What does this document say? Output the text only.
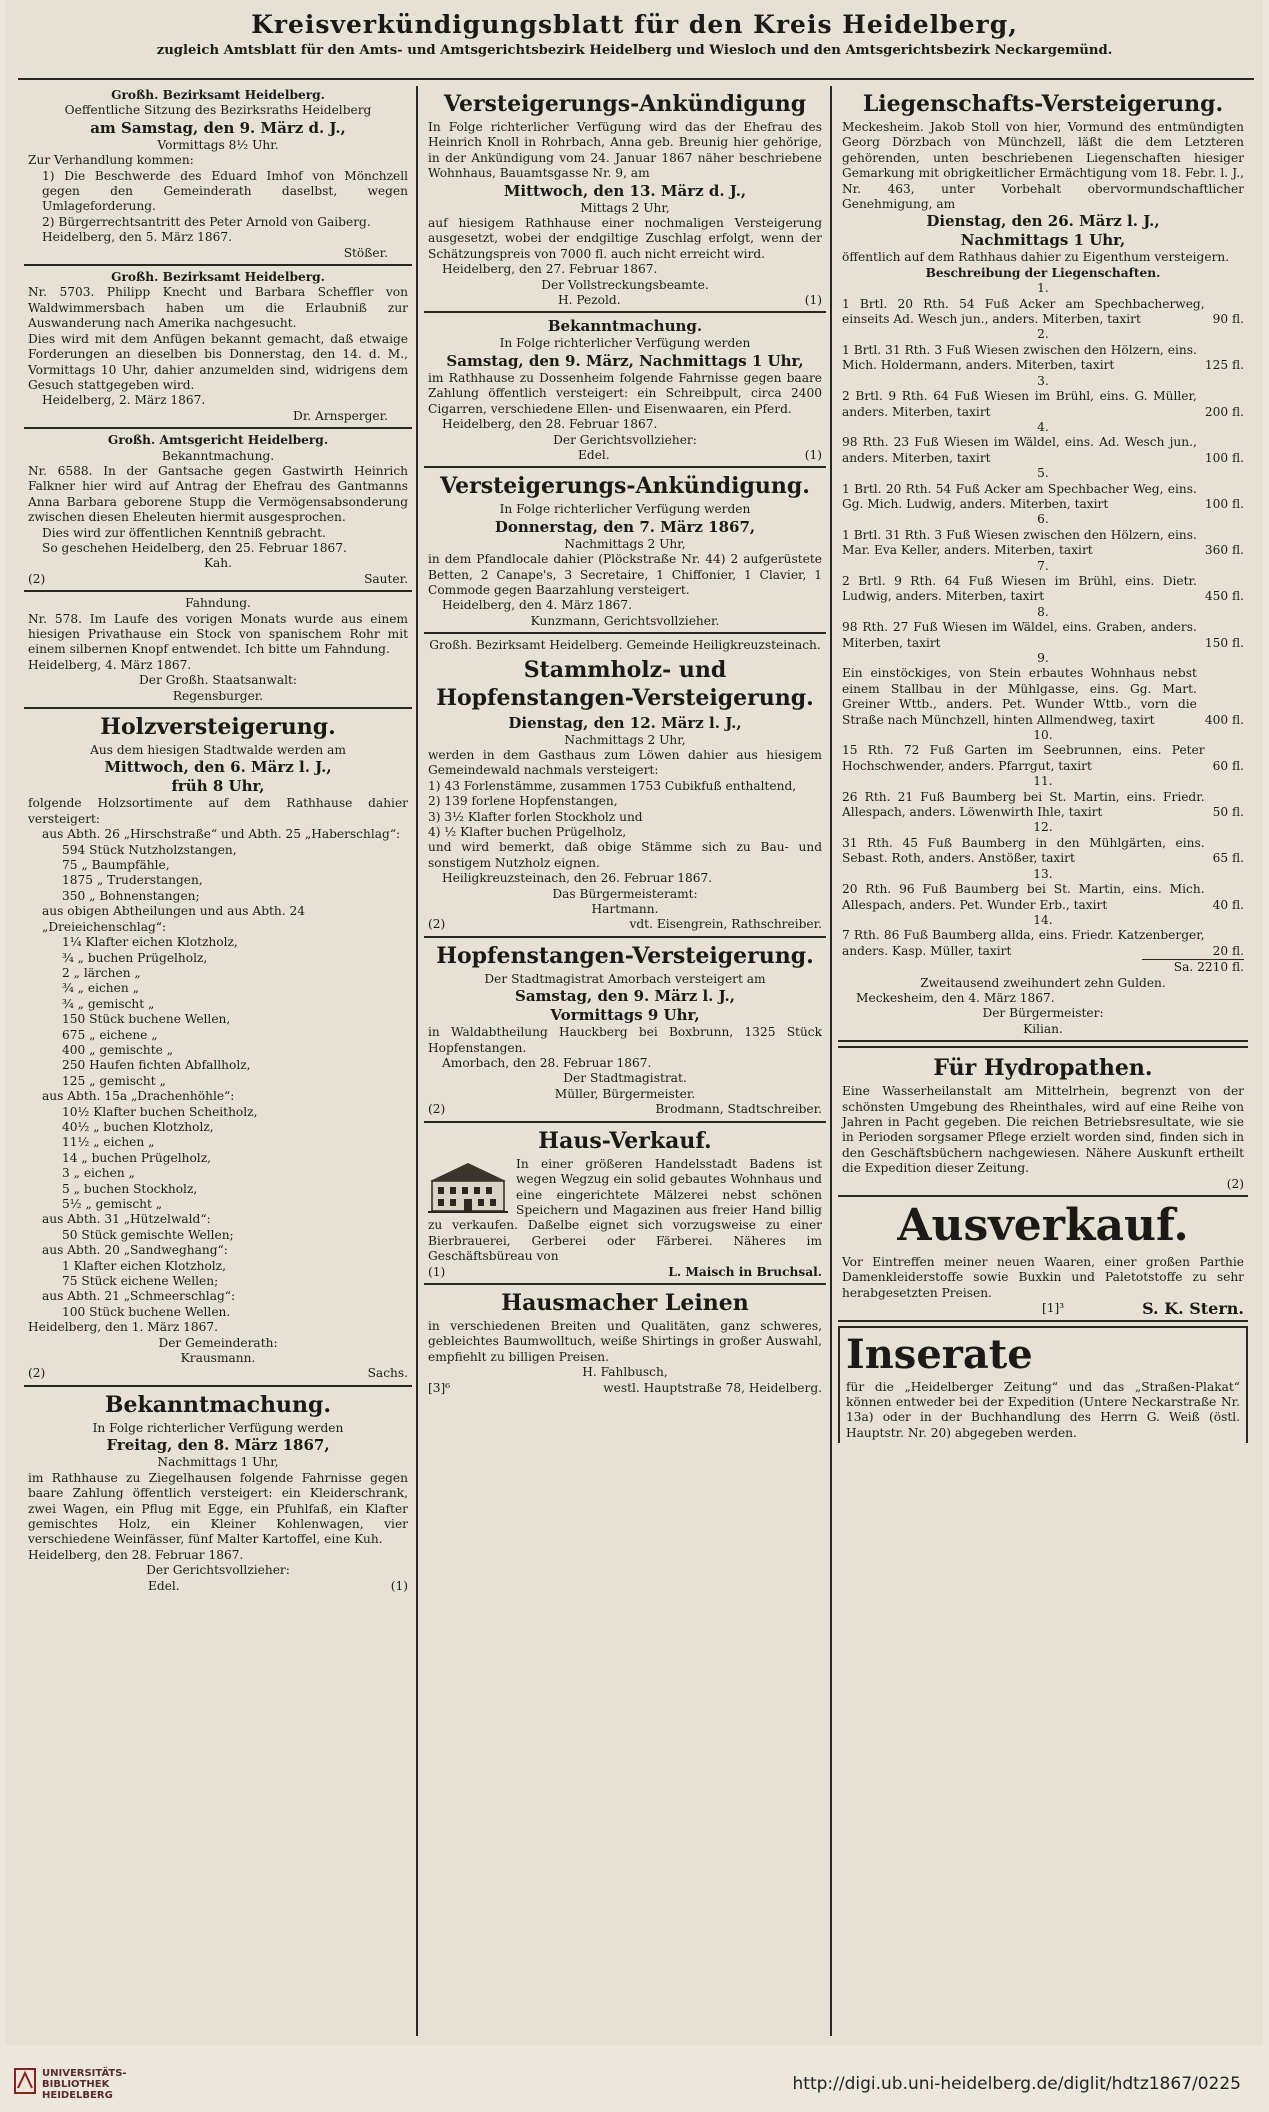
Kreisverkündigungsblatt für den Kreis Heidelberg,
zugleich Amtsblatt für den Amts- und Amtsgerichtsbezirk Heidelberg und Wiesloch und den Amtsgerichtsbezirk Neckargemünd.
Großh. Bezirksamt Heidelberg.
Oeffentliche Sitzung des Bezirksraths Heidelberg
am Samstag, den 9. März d. J.,
Vormittags 8½ Uhr.
Zur Verhandlung kommen:
1) Die Beschwerde des Eduard Imhof von Mönchzell gegen den Gemeinderath daselbst, wegen Umlageforderung.
2) Bürgerrechtsantritt des Peter Arnold von Gaiberg.
Heidelberg, den 5. März 1867.
Stößer.
Großh. Bezirksamt Heidelberg.
Nr. 5703. Philipp Knecht und Barbara Scheffler von Waldwimmersbach haben um die Erlaubniß zur Auswanderung nach Amerika nachgesucht.
Dies wird mit dem Anfügen bekannt gemacht, daß etwaige Forderungen an dieselben bis Donnerstag, den 14. d. M., Vormittags 10 Uhr, dahier anzumelden sind, widrigens dem Gesuch stattgegeben wird.
Heidelberg, 2. März 1867.
Dr. Arnsperger.
Großh. Amtsgericht Heidelberg.
Bekanntmachung.
Nr. 6588. In der Gantsache gegen Gastwirth Heinrich Falkner hier wird auf Antrag der Ehefrau des Gantmanns Anna Barbara geborene Stupp die Vermögensabsonderung zwischen diesen Eheleuten hiermit ausgesprochen.
Dies wird zur öffentlichen Kenntniß gebracht.
So geschehen Heidelberg, den 25. Februar 1867.
Kah.
(2)	Sauter.
Fahndung.
Nr. 578. Im Laufe des vorigen Monats wurde aus einem hiesigen Privathause ein Stock von spanischem Rohr mit einem silbernen Knopf entwendet. Ich bitte um Fahndung.
Heidelberg, 4. März 1867.
Der Großh. Staatsanwalt:
Regensburger.
Holzversteigerung.
Aus dem hiesigen Stadtwalde werden am
Mittwoch, den 6. März l. J.,
früh 8 Uhr,
folgende Holzsortimente auf dem Rathhause dahier versteigert:
aus Abth. 26 „Hirschstraße“ und Abth. 25 „Haberschlag“:
594 Stück Nutzholzstangen,
75 „ Baumpfähle,
1875 „ Truderstangen,
350 „ Bohnenstangen;
aus obigen Abtheilungen und aus Abth. 24 „Dreieichenschlag“:
1¼ Klafter eichen Klotzholz,
¾ „ buchen Prügelholz,
2 „ lärchen „
¾ „ eichen „
¾ „ gemischt „
150 Stück buchene Wellen,
675 „ eichene „
400 „ gemischte „
250 Haufen fichten Abfallholz,
125 „ gemischt „
aus Abth. 15a „Drachenhöhle“:
10½ Klafter buchen Scheitholz,
40½ „ buchen Klotzholz,
11½ „ eichen „
14 „ buchen Prügelholz,
3 „ eichen „
5 „ buchen Stockholz,
5½ „ gemischt „
aus Abth. 31 „Hützelwald“:
50 Stück gemischte Wellen;
aus Abth. 20 „Sandweghang“:
1 Klafter eichen Klotzholz,
75 Stück eichene Wellen;
aus Abth. 21 „Schmeerschlag“:
100 Stück buchene Wellen.
Heidelberg, den 1. März 1867.
Der Gemeinderath:
Krausmann.
(2)	Sachs.
Bekanntmachung.
In Folge richterlicher Verfügung werden
Freitag, den 8. März 1867,
Nachmittags 1 Uhr,
im Rathhause zu Ziegelhausen folgende Fahrnisse gegen baare Zahlung öffentlich versteigert: ein Kleiderschrank, zwei Wagen, ein Pflug mit Egge, ein Pfuhlfaß, ein Klafter gemischtes Holz, ein Kleiner Kohlenwagen, vier verschiedene Weinfässer, fünf Malter Kartoffel, eine Kuh.
Heidelberg, den 28. Februar 1867.
Der Gerichtsvollzieher:
Edel.	(1)
Versteigerungs-Ankündigung
In Folge richterlicher Verfügung wird das der Ehefrau des Heinrich Knoll in Rohrbach, Anna geb. Breunig hier gehörige, in der Ankündigung vom 24. Januar 1867 näher beschriebene Wohnhaus, Bauamtsgasse Nr. 9, am
Mittwoch, den 13. März d. J.,
Mittags 2 Uhr,
auf hiesigem Rathhause einer nochmaligen Versteigerung ausgesetzt, wobei der endgiltige Zuschlag erfolgt, wenn der Schätzungspreis von 7000 fl. auch nicht erreicht wird.
Heidelberg, den 27. Februar 1867.
Der Vollstreckungsbeamte.
H. Pezold.	(1)
Bekanntmachung.
In Folge richterlicher Verfügung werden
Samstag, den 9. März, Nachmittags 1 Uhr,
im Rathhause zu Dossenheim folgende Fahrnisse gegen baare Zahlung öffentlich versteigert: ein Schreibpult, circa 2400 Cigarren, verschiedene Ellen- und Eisenwaaren, ein Pferd.
Heidelberg, den 28. Februar 1867.
Der Gerichtsvollzieher:
Edel.	(1)
Versteigerungs-Ankündigung.
In Folge richterlicher Verfügung werden
Donnerstag, den 7. März 1867,
Nachmittags 2 Uhr,
in dem Pfandlocale dahier (Plöckstraße Nr. 44) 2 aufgerüstete Betten, 2 Canape's, 3 Secretaire, 1 Chiffonier, 1 Clavier, 1 Commode gegen Baarzahlung versteigert.
Heidelberg, den 4. März 1867.
Kunzmann, Gerichtsvollzieher.
Großh. Bezirksamt Heidelberg. Gemeinde Heiligkreuzsteinach.
Stammholz- und Hopfenstangen-Versteigerung.
Dienstag, den 12. März l. J.,
Nachmittags 2 Uhr,
werden in dem Gasthaus zum Löwen dahier aus hiesigem Gemeindewald nachmals versteigert:
1) 43 Forlenstämme, zusammen 1753 Cubikfuß enthaltend,
2) 139 forlene Hopfenstangen,
3) 3½ Klafter forlen Stockholz und
4) ½ Klafter buchen Prügelholz,
und wird bemerkt, daß obige Stämme sich zu Bau- und sonstigem Nutzholz eignen.
Heiligkreuzsteinach, den 26. Februar 1867.
Das Bürgermeisteramt:
Hartmann.
(2)	vdt. Eisengrein, Rathschreiber.
Hopfenstangen-Versteigerung.
Der Stadtmagistrat Amorbach versteigert am
Samstag, den 9. März l. J.,
Vormittags 9 Uhr,
in Waldabtheilung Hauckberg bei Boxbrunn, 1325 Stück Hopfenstangen.
Amorbach, den 28. Februar 1867.
Der Stadtmagistrat.
Müller, Bürgermeister.
(2)	Brodmann, Stadtschreiber.
Haus-Verkauf.
In einer größeren Handelsstadt Badens ist wegen Wegzug ein solid gebautes Wohnhaus und eine eingerichtete Mälzerei nebst schönen Speichern und Magazinen aus freier Hand billig zu verkaufen. Daßelbe eignet sich vorzugsweise zu einer Bierbrauerei, Gerberei oder Färberei. Näheres im Geschäftsbüreau von
(1)	L. Maisch in Bruchsal.
Hausmacher Leinen
in verschiedenen Breiten und Qualitäten, ganz schweres, gebleichtes Baumwolltuch, weiße Shirtings in großer Auswahl, empfiehlt zu billigen Preisen.
H. Fahlbusch,
[3]⁶	westl. Hauptstraße 78, Heidelberg.
Liegenschafts-Versteigerung.
Meckesheim. Jakob Stoll von hier, Vormund des entmündigten Georg Dörzbach von Münchzell, läßt die dem Letzteren gehörenden, unten beschriebenen Liegenschaften hiesiger Gemarkung mit obrigkeitlicher Ermächtigung vom 18. Febr. l. J., Nr. 463, unter Vorbehalt obervormundschaftlicher Genehmigung, am
Dienstag, den 26. März l. J.,
Nachmittags 1 Uhr,
öffentlich auf dem Rathhaus dahier zu Eigenthum versteigern.
Beschreibung der Liegenschaften.
1.
1 Brtl. 20 Rth. 54 Fuß Acker am Spechbacherweg, einseits Ad. Wesch jun., anders. Miterben, taxirt	90 fl.
2.
1 Brtl. 31 Rth. 3 Fuß Wiesen zwischen den Hölzern, eins. Mich. Holdermann, anders. Miterben, taxirt	125 fl.
3.
2 Brtl. 9 Rth. 64 Fuß Wiesen im Brühl, eins. G. Müller, anders. Miterben, taxirt	200 fl.
4.
98 Rth. 23 Fuß Wiesen im Wäldel, eins. Ad. Wesch jun., anders. Miterben, taxirt	100 fl.
5.
1 Brtl. 20 Rth. 54 Fuß Acker am Spechbacher Weg, eins. Gg. Mich. Ludwig, anders. Miterben, taxirt	100 fl.
6.
1 Brtl. 31 Rth. 3 Fuß Wiesen zwischen den Hölzern, eins. Mar. Eva Keller, anders. Miterben, taxirt	360 fl.
7.
2 Brtl. 9 Rth. 64 Fuß Wiesen im Brühl, eins. Dietr. Ludwig, anders. Miterben, taxirt	450 fl.
8.
98 Rth. 27 Fuß Wiesen im Wäldel, eins. Graben, anders. Miterben, taxirt	150 fl.
9.
Ein einstöckiges, von Stein erbautes Wohnhaus nebst einem Stallbau in der Mühlgasse, eins. Gg. Mart. Greiner Wttb., anders. Pet. Wunder Wttb., vorn die Straße nach Münchzell, hinten Allmendweg, taxirt	400 fl.
10.
15 Rth. 72 Fuß Garten im Seebrunnen, eins. Peter Hochschwender, anders. Pfarrgut, taxirt	60 fl.
11.
26 Rth. 21 Fuß Baumberg bei St. Martin, eins. Friedr. Allespach, anders. Löwenwirth Ihle, taxirt	50 fl.
12.
31 Rth. 45 Fuß Baumberg in den Mühlgärten, eins. Sebast. Roth, anders. Anstößer, taxirt	65 fl.
13.
20 Rth. 96 Fuß Baumberg bei St. Martin, eins. Mich. Allespach, anders. Pet. Wunder Erb., taxirt	40 fl.
14.
7 Rth. 86 Fuß Baumberg allda, eins. Friedr. Katzenberger, anders. Kasp. Müller, taxirt	20 fl.
Sa. 2210 fl.
Zweitausend zweihundert zehn Gulden.
Meckesheim, den 4. März 1867.
Der Bürgermeister:
Kilian.
Für Hydropathen.
Eine Wasserheilanstalt am Mittelrhein, begrenzt von der schönsten Umgebung des Rheinthales, wird auf eine Reihe von Jahren in Pacht gegeben. Die reichen Betriebsresultate, wie sie in Perioden sorgsamer Pflege erzielt worden sind, finden sich in den Geschäftsbüchern nachgewiesen. Nähere Auskunft ertheilt die Expedition dieser Zeitung.
(2)
Ausverkauf.
Vor Eintreffen meiner neuen Waaren, einer großen Parthie Damenkleiderstoffe sowie Buxkin und Paletotstoffe zu sehr herabgesetzten Preisen.
[1]³	S. K. Stern.
Inserate
für die „Heidelberger Zeitung“ und das „Straßen-Plakat“ können entweder bei der Expedition (Untere Neckarstraße Nr. 13a) oder in der Buchhandlung des Herrn G. Weiß (östl. Hauptstr. Nr. 20) abgegeben werden.
UNIVERSITÄTS-
BIBLIOTHEK
HEIDELBERG
http://digi.ub.uni-heidelberg.de/diglit/hdtz1867/0225
